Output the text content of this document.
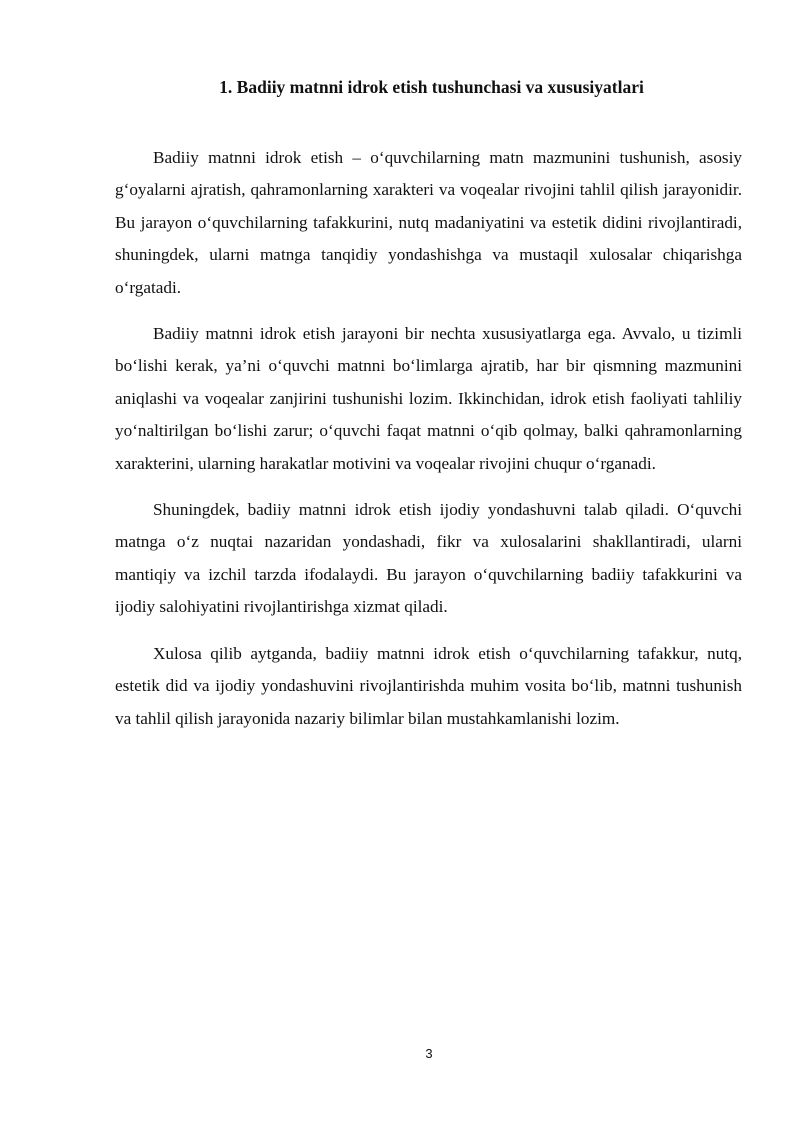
1. Badiiy matnni idrok etish tushunchasi va xususiyatlari

Badiiy matnni idrok etish – o‘quvchilarning matn mazmunini tushunish, asosiy g‘oyalarni ajratish, qahramonlarning xarakteri va voqealar rivojini tahlil qilish jarayonidir. Bu jarayon o‘quvchilarning tafakkurini, nutq madaniyatini va estetik didini rivojlantiradi, shuningdek, ularni matnga tanqidiy yondashishga va mustaqil xulosalar chiqarishga o‘rgatadi.

Badiiy matnni idrok etish jarayoni bir nechta xususiyatlarga ega. Avvalo, u tizimli bo‘lishi kerak, ya’ni o‘quvchi matnni bo‘limlarga ajratib, har bir qismning mazmunini aniqlashi va voqealar zanjirini tushunishi lozim. Ikkinchidan, idrok etish faoliyati tahliliy yo‘naltirilgan bo‘lishi zarur; o‘quvchi faqat matnni o‘qib qolmay, balki qahramonlarning xarakterini, ularning harakatlar motivini va voqealar rivojini chuqur o‘rganadi.

Shuningdek, badiiy matnni idrok etish ijodiy yondashuvni talab qiladi. O‘quvchi matnga o‘z nuqtai nazaridan yondashadi, fikr va xulosalarini shakllantiradi, ularni mantiqiy va izchil tarzda ifodalaydi. Bu jarayon o‘quvchilarning badiiy tafakkurini va ijodiy salohiyatini rivojlantirishga xizmat qiladi.

Xulosa qilib aytganda, badiiy matnni idrok etish o‘quvchilarning tafakkur, nutq, estetik did va ijodiy yondashuvini rivojlantirishda muhim vosita bo‘lib, matnni tushunish va tahlil qilish jarayonida nazariy bilimlar bilan mustahkamlanishi lozim.

3
